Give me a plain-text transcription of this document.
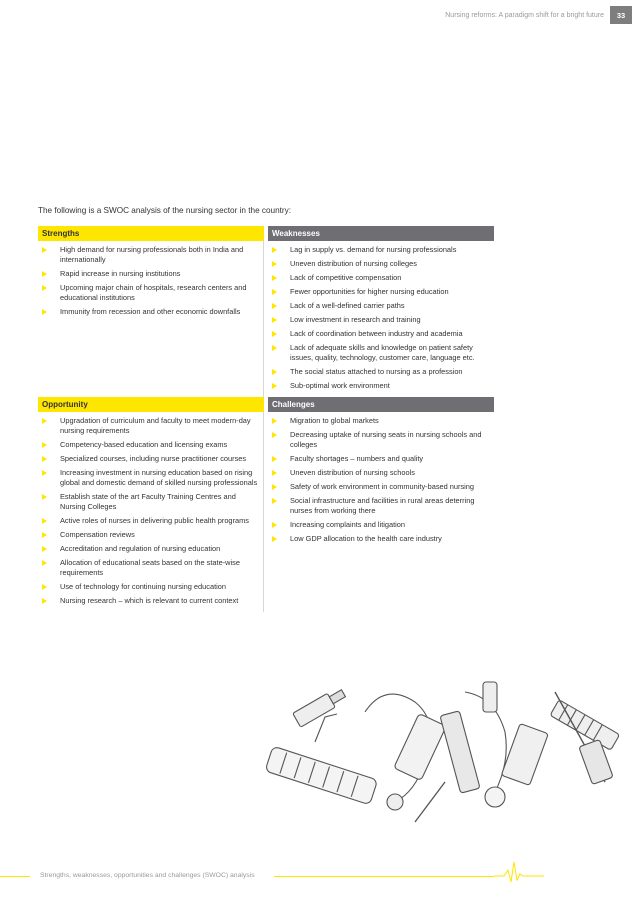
Nursing reforms: A paradigm shift for a bright future	33
The following is a SWOC analysis of the nursing sector in the country:
Strengths	Weaknesses
High demand for nursing professionals both in India and internationally
Rapid increase in nursing institutions
Upcoming major chain of hospitals, research centers and educational institutions
Immunity from recession and other economic downfalls
Lag in supply vs. demand for nursing professionals
Uneven distribution of nursing colleges
Lack of competitive compensation
Fewer opportunities for higher nursing education
Lack of a well-defined carrier paths
Low investment in research and training
Lack of coordination between industry and academia
Lack of adequate skills and knowledge on patient safety issues, quality, technology, customer care, language etc.
The social status attached to nursing as a profession
Sub-optimal work environment
Opportunity	Challenges
Upgradation of curriculum and faculty to meet modern-day nursing requirements
Competency-based education and licensing exams
Specialized courses, including nurse practitioner courses
Increasing investment in nursing education based on rising global and domestic demand of skilled nursing professionals
Establish state of the art Faculty Training Centres and Nursing Colleges
Active roles of nurses in delivering public health programs
Compensation reviews
Accreditation and regulation of nursing education
Allocation of educational seats based on the state-wise requirements
Use of technology for continuing nursing education
Nursing research – which is relevant to current context
Migration to global markets
Decreasing uptake of nursing seats in nursing schools and colleges
Faculty shortages – numbers and quality
Uneven distribution of nursing schools
Safety of work environment in community-based nursing
Social infrastructure and facilities in rural areas deterring nurses from working there
Increasing complaints and litigation
Low GDP allocation to the health care industry
Strengths, weaknesses, opportunities and challenges (SWOC) analysis
